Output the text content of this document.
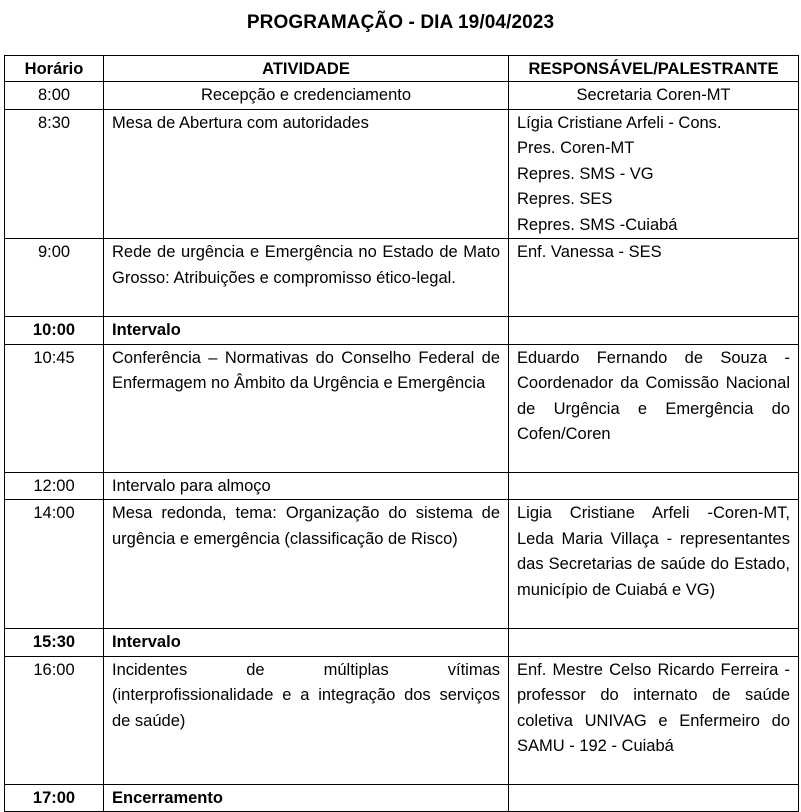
PROGRAMAÇÃO - DIA 19/04/2023
Horário	ATIVIDADE	RESPONSÁVEL/PALESTRANTE
8:00	Recepção e credenciamento	Secretaria Coren-MT

8:30	Mesa de Abertura com autoridades	Lígia Cristiane Arfeli - Cons.
Pres. Coren-MT
Repres. SMS - VG
Repres. SES
Repres. SMS -Cuiabá

9:00	Rede de urgência e Emergência no Estado de Mato Grosso: Atribuições e compromisso ético-legal.	Enf. Vanessa - SES

10:00	Intervalo	
10:45	Conferência – Normativas do Conselho Federal de Enfermagem no Âmbito da Urgência e Emergência	Eduardo Fernando de Souza - Coordenador da Comissão Nacional de Urgência e Emergência do Cofen/Coren
12:00	Intervalo para almoço	
14:00	Mesa redonda, tema: Organização do sistema de urgência e emergência (classificação de Risco)	Ligia Cristiane Arfeli -Coren-MT, Leda Maria Villaça - representantes das Secretarias de saúde do Estado, município de Cuiabá e VG)
15:30	Intervalo	
16:00	Incidentes de múltiplas vítimas (interprofissionalidade e a integração dos serviços de saúde)	Enf. Mestre Celso Ricardo Ferreira - professor do internato de saúde coletiva UNIVAG e Enfermeiro do SAMU - 192 - Cuiabá
17:00	Encerramento	
